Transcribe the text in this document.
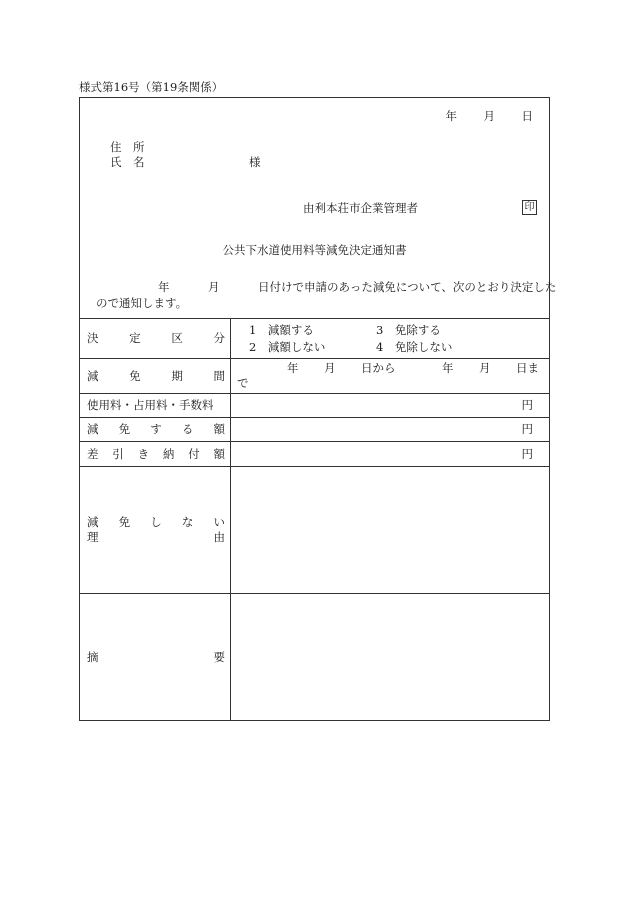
様式第16号（第19条関係）
年 月 日
住　所
氏　名	様
由利本荘市企業管理者	印
公共下水道使用料等減免決定通知書
年	月	日付けで申請のあった減免について、次のとおり決定した
ので通知します。
決定区分	1　減額する 3　免除する
2　減額しない 4　免除しない

減免期間	年 月 日から 年 月 日ま
で

使用料・占用料・手数料	円

減免する額	円

差引き納付額	円

減免しない
理由	

摘要	
